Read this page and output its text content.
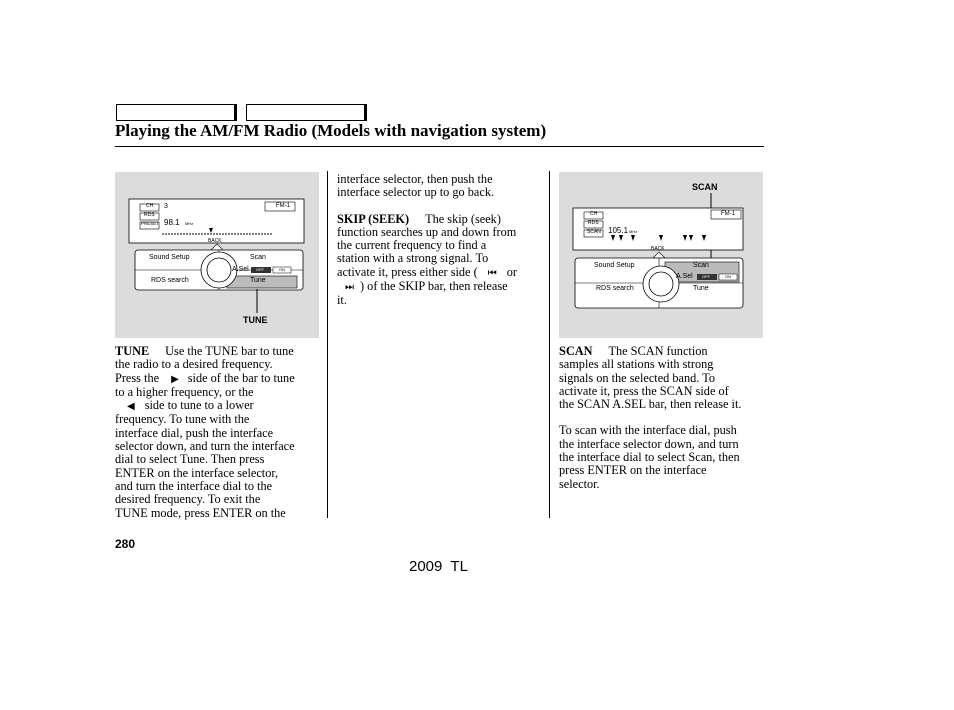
Playing the AM/FM Radio (Models with navigation system)
CH
RDS
PRESET
3	FM-1
98.1 MHz
BACK
Sound Setup	Scan
A.Sel OFF	ON
RDS search	Tune
TUNE
SCAN
CH
RDS
SCAN
FM-1
105.1 MHz
BACK
Sound Setup	Scan
A.Sel OFF	ON
RDS search	Tune

TUNE Use the TUNE bar to tune

the radio to a desired frequency.

Press the ▶ side of the bar to tune

to a higher frequency, or the

◀ side to tune to a lower

frequency. To tune with the

interface dial, push the interface

selector down, and turn the interface

dial to select Tune. Then press

ENTER on the interface selector,

and turn the interface dial to the

desired frequency. To exit the

TUNE mode, press ENTER on the

interface selector, then push the

interface selector up to go back.

SKIP (SEEK) The skip (seek)

function searches up and down from

the current frequency to find a

station with a strong signal. To

activate it, press either side ( ⏮ or

⏭ ) of the SKIP bar, then release

it.

SCAN The SCAN function

samples all stations with strong

signals on the selected band. To

activate it, press the SCAN side of

the SCAN A.SEL bar, then release it.

To scan with the interface dial, push

the interface selector down, and turn

the interface dial to select Scan, then

press ENTER on the interface

selector.

280
2009  TL
